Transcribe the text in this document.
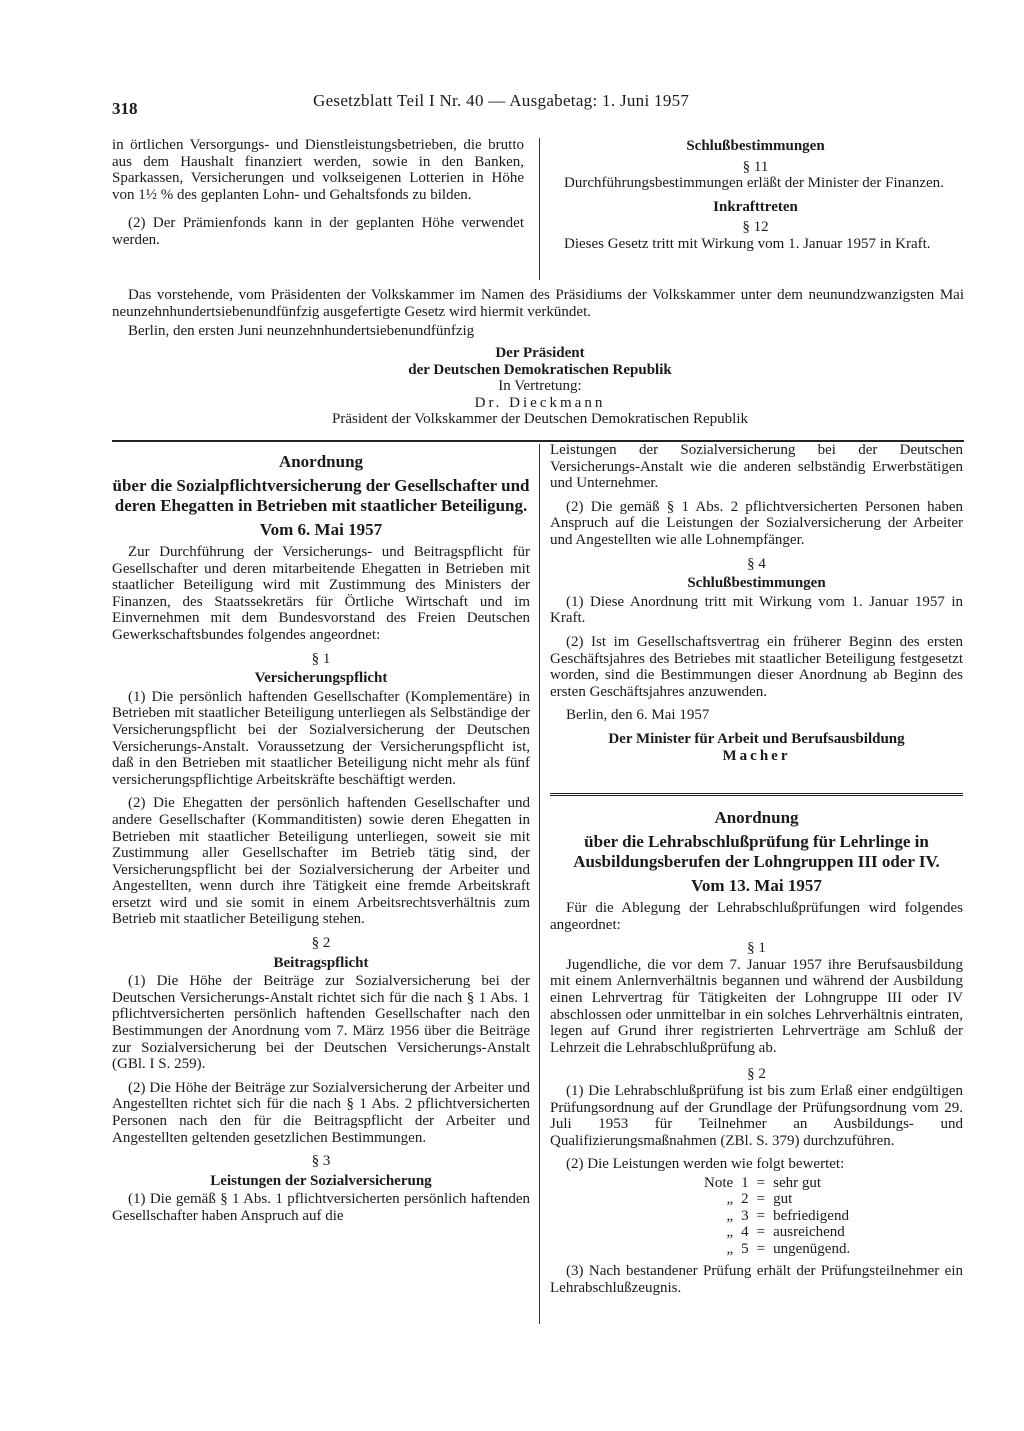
318	Gesetzblatt Teil I Nr. 40 — Ausgabetag: 1. Juni 1957

in örtlichen Versorgungs- und Dienstleistungsbetrieben, die brutto aus dem Haushalt finanziert werden, sowie in den Banken, Sparkassen, Versicherungen und volkseigenen Lotterien in Höhe von 1½ % des geplanten Lohn- und Gehaltsfonds zu bilden.

(2) Der Prämienfonds kann in der geplanten Höhe verwendet werden.

Schlußbestimmungen
§ 11

Durchführungsbestimmungen erläßt der Minister der Finanzen.

Inkrafttreten
§ 12

Dieses Gesetz tritt mit Wirkung vom 1. Januar 1957 in Kraft.

Das vorstehende, vom Präsidenten der Volkskammer im Namen des Präsidiums der Volkskammer unter dem neunundzwanzigsten Mai neunzehnhundertsiebenundfünfzig ausgefertigte Gesetz wird hiermit verkündet.

Berlin, den ersten Juni neunzehnhundertsiebenundfünfzig

Der Präsident
der Deutschen Demokratischen Republik
In Vertretung:
Dr. Dieckmann
Präsident der Volkskammer der Deutschen Demokratischen Republik
Anordnung
über die Sozialpflichtversicherung der Gesellschafter und deren Ehegatten in Betrieben mit staatlicher Beteiligung.
Vom 6. Mai 1957

Zur Durchführung der Versicherungs- und Beitragspflicht für Gesellschafter und deren mitarbeitende Ehegatten in Betrieben mit staatlicher Beteiligung wird mit Zustimmung des Ministers der Finanzen, des Staatssekretärs für Örtliche Wirtschaft und im Einvernehmen mit dem Bundesvorstand des Freien Deutschen Gewerkschaftsbundes folgendes angeordnet:

§ 1
Versicherungspflicht

(1) Die persönlich haftenden Gesellschafter (Komplementäre) in Betrieben mit staatlicher Beteiligung unterliegen als Selbständige der Versicherungspflicht bei der Sozialversicherung der Deutschen Versicherungs-Anstalt. Voraussetzung der Versicherungspflicht ist, daß in den Betrieben mit staatlicher Beteiligung nicht mehr als fünf versicherungspflichtige Arbeitskräfte beschäftigt werden.

(2) Die Ehegatten der persönlich haftenden Gesellschafter und andere Gesellschafter (Kommanditisten) sowie deren Ehegatten in Betrieben mit staatlicher Beteiligung unterliegen, soweit sie mit Zustimmung aller Gesellschafter im Betrieb tätig sind, der Versicherungspflicht bei der Sozialversicherung der Arbeiter und Angestellten, wenn durch ihre Tätigkeit eine fremde Arbeitskraft ersetzt wird und sie somit in einem Arbeitsrechtsverhältnis zum Betrieb mit staatlicher Beteiligung stehen.

§ 2
Beitragspflicht

(1) Die Höhe der Beiträge zur Sozialversicherung bei der Deutschen Versicherungs-Anstalt richtet sich für die nach § 1 Abs. 1 pflichtversicherten persönlich haftenden Gesellschafter nach den Bestimmungen der Anordnung vom 7. März 1956 über die Beiträge zur Sozialversicherung bei der Deutschen Versicherungs-Anstalt (GBl. I S. 259).

(2) Die Höhe der Beiträge zur Sozialversicherung der Arbeiter und Angestellten richtet sich für die nach § 1 Abs. 2 pflichtversicherten Personen nach den für die Beitragspflicht der Arbeiter und Angestellten geltenden gesetzlichen Bestimmungen.

§ 3
Leistungen der Sozialversicherung

(1) Die gemäß § 1 Abs. 1 pflichtversicherten persönlich haftenden Gesellschafter haben Anspruch auf die

Leistungen der Sozialversicherung bei der Deutschen Versicherungs-Anstalt wie die anderen selbständig Erwerbstätigen und Unternehmer.

(2) Die gemäß § 1 Abs. 2 pflichtversicherten Personen haben Anspruch auf die Leistungen der Sozialversicherung der Arbeiter und Angestellten wie alle Lohnempfänger.

§ 4
Schlußbestimmungen

(1) Diese Anordnung tritt mit Wirkung vom 1. Januar 1957 in Kraft.

(2) Ist im Gesellschaftsvertrag ein früherer Beginn des ersten Geschäftsjahres des Betriebes mit staatlicher Beteiligung festgesetzt worden, sind die Bestimmungen dieser Anordnung ab Beginn des ersten Geschäftsjahres anzuwenden.

Berlin, den 6. Mai 1957

Der Minister für Arbeit und Berufsausbildung
Macher
Anordnung
über die Lehrabschlußprüfung für Lehrlinge in Ausbildungsberufen der Lohngruppen III oder IV.
Vom 13. Mai 1957

Für die Ablegung der Lehrabschlußprüfungen wird folgendes angeordnet:

§ 1

Jugendliche, die vor dem 7. Januar 1957 ihre Berufsausbildung mit einem Anlernverhältnis begannen und während der Ausbildung einen Lehrvertrag für Tätigkeiten der Lohngruppe III oder IV abschlossen oder unmittelbar in ein solches Lehrverhältnis eintraten, legen auf Grund ihrer registrierten Lehrverträge am Schluß der Lehrzeit die Lehrabschlußprüfung ab.

§ 2

(1) Die Lehrabschlußprüfung ist bis zum Erlaß einer endgültigen Prüfungsordnung auf der Grundlage der Prüfungsordnung vom 29. Juli 1953 für Teilnehmer an Ausbildungs- und Qualifizierungsmaßnahmen (ZBl. S. 379) durchzuführen.

(2) Die Leistungen werden wie folgt bewertet:

Note	1	=	sehr gut
„	2	=	gut
„	3	=	befriedigend
„	4	=	ausreichend
„	5	=	ungenügend.

(3) Nach bestandener Prüfung erhält der Prüfungsteilnehmer ein Lehrabschlußzeugnis.
